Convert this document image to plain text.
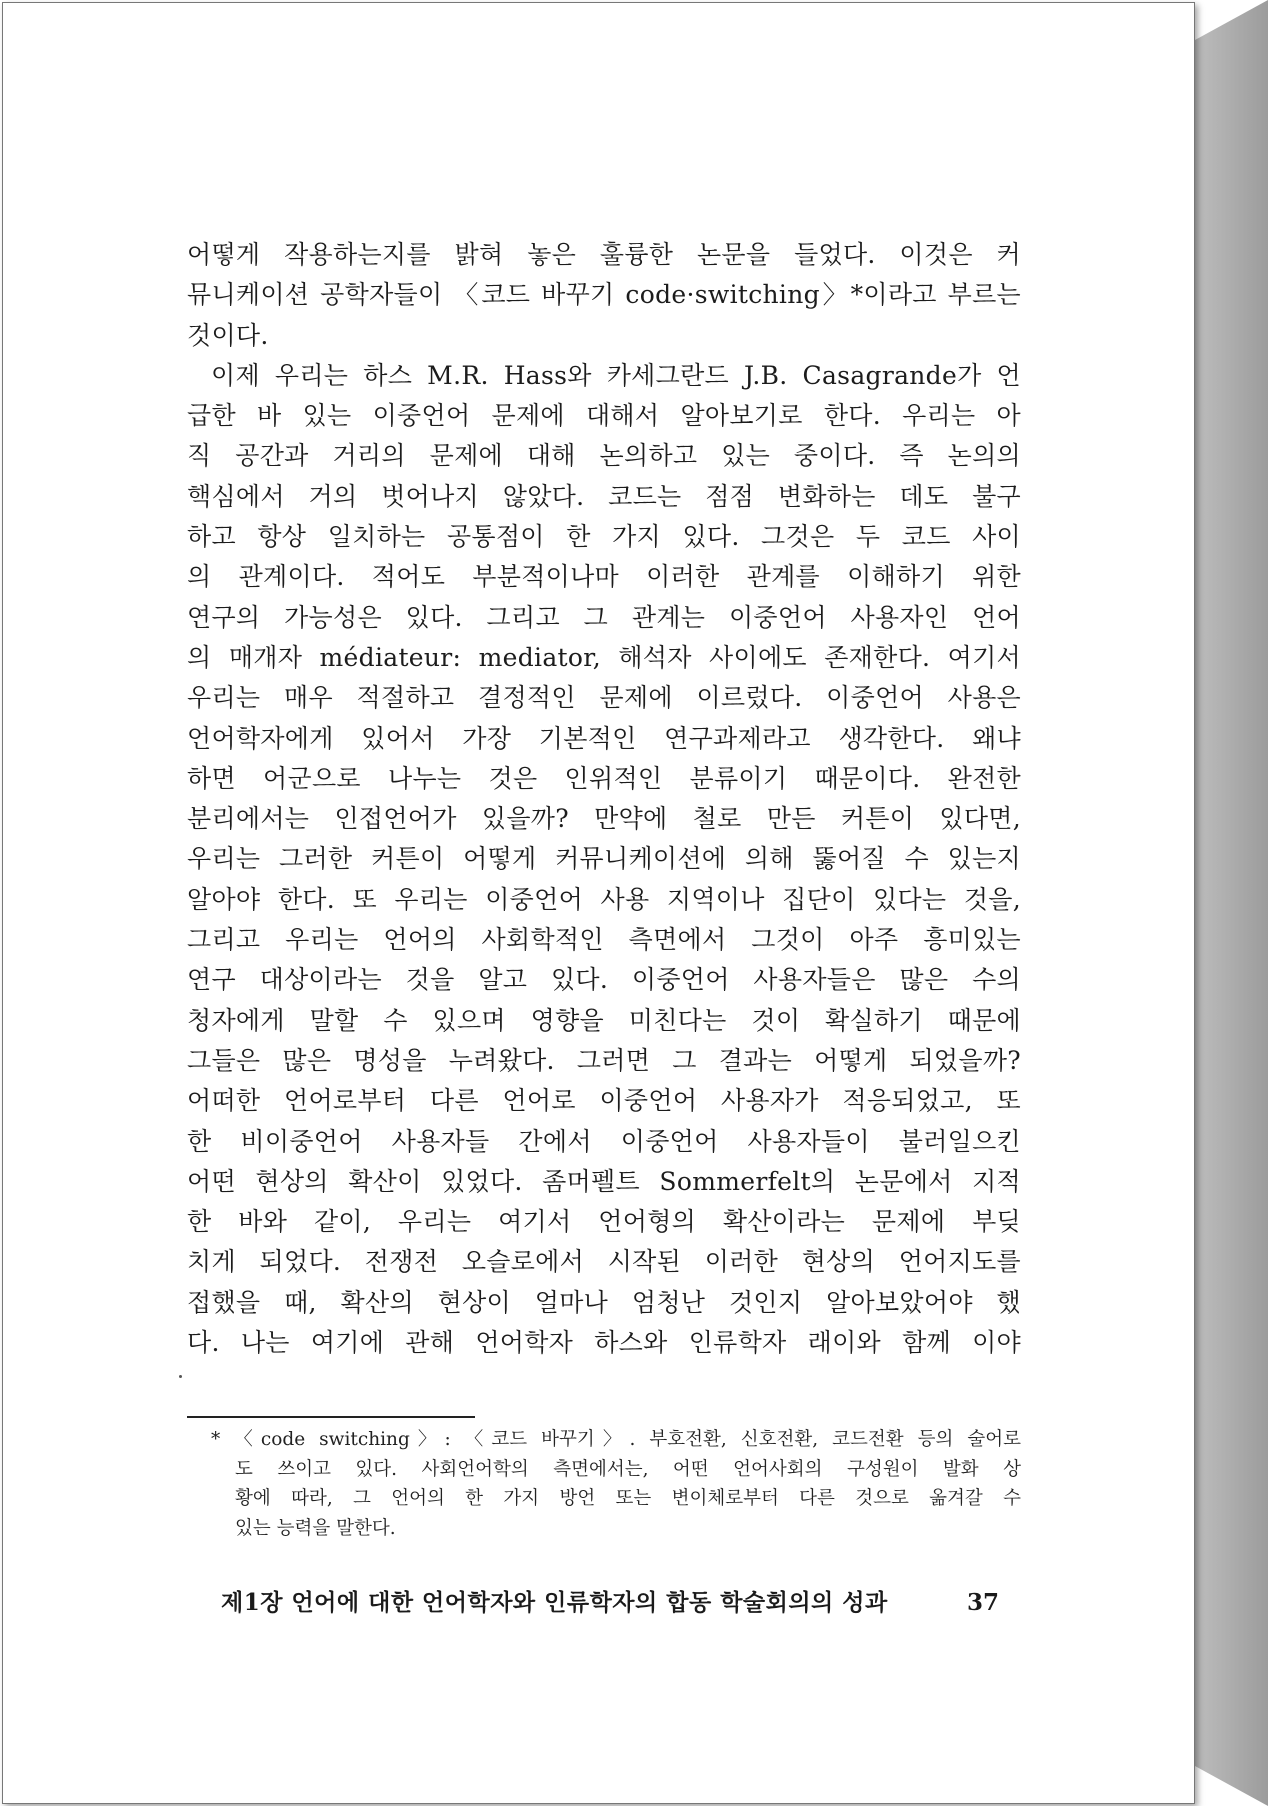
어떻게 작용하는지를 밝혀 놓은 훌륭한 논문을 들었다. 이것은 커
뮤니케이션 공학자들이 〈코드 바꾸기 code·switching〉*이라고 부르는
것이다.
이제 우리는 하스 M.R. Hass와 카세그란드 J.B. Casagrande가 언
급한 바 있는 이중언어 문제에 대해서 알아보기로 한다. 우리는 아
직 공간과 거리의 문제에 대해 논의하고 있는 중이다. 즉 논의의
핵심에서 거의 벗어나지 않았다. 코드는 점점 변화하는 데도 불구
하고 항상 일치하는 공통점이 한 가지 있다. 그것은 두 코드 사이
의 관계이다. 적어도 부분적이나마 이러한 관계를 이해하기 위한
연구의 가능성은 있다. 그리고 그 관계는 이중언어 사용자인 언어
의 매개자 médiateur: mediator, 해석자 사이에도 존재한다. 여기서
우리는 매우 적절하고 결정적인 문제에 이르렀다. 이중언어 사용은
언어학자에게 있어서 가장 기본적인 연구과제라고 생각한다. 왜냐
하면 어군으로 나누는 것은 인위적인 분류이기 때문이다. 완전한
분리에서는 인접언어가 있을까? 만약에 철로 만든 커튼이 있다면,
우리는 그러한 커튼이 어떻게 커뮤니케이션에 의해 뚫어질 수 있는지
알아야 한다. 또 우리는 이중언어 사용 지역이나 집단이 있다는 것을,
그리고 우리는 언어의 사회학적인 측면에서 그것이 아주 흥미있는
연구 대상이라는 것을 알고 있다. 이중언어 사용자들은 많은 수의
청자에게 말할 수 있으며 영향을 미친다는 것이 확실하기 때문에
그들은 많은 명성을 누려왔다. 그러면 그 결과는 어떻게 되었을까?
어떠한 언어로부터 다른 언어로 이중언어 사용자가 적응되었고, 또
한 비이중언어 사용자들 간에서 이중언어 사용자들이 불러일으킨
어떤 현상의 확산이 있었다. 좀머펠트 Sommerfelt의 논문에서 지적
한 바와 같이, 우리는 여기서 언어형의 확산이라는 문제에 부딪
치게 되었다. 전쟁전 오슬로에서 시작된 이러한 현상의 언어지도를
접했을 때, 확산의 현상이 얼마나 엄청난 것인지 알아보았어야 했
다. 나는 여기에 관해 언어학자 하스와 인류학자 래이와 함께 이야
* 〈code switching〉: 〈코드 바꾸기〉. 부호전환, 신호전환, 코드전환 등의 술어로
도 쓰이고 있다. 사회언어학의 측면에서는, 어떤 언어사회의 구성원이 발화 상
황에 따라, 그 언어의 한 가지 방언 또는 변이체로부터 다른 것으로 옮겨갈 수
있는 능력을 말한다.
제1장 언어에 대한 언어학자와 인류학자의 합동 학술회의의 성과	37
